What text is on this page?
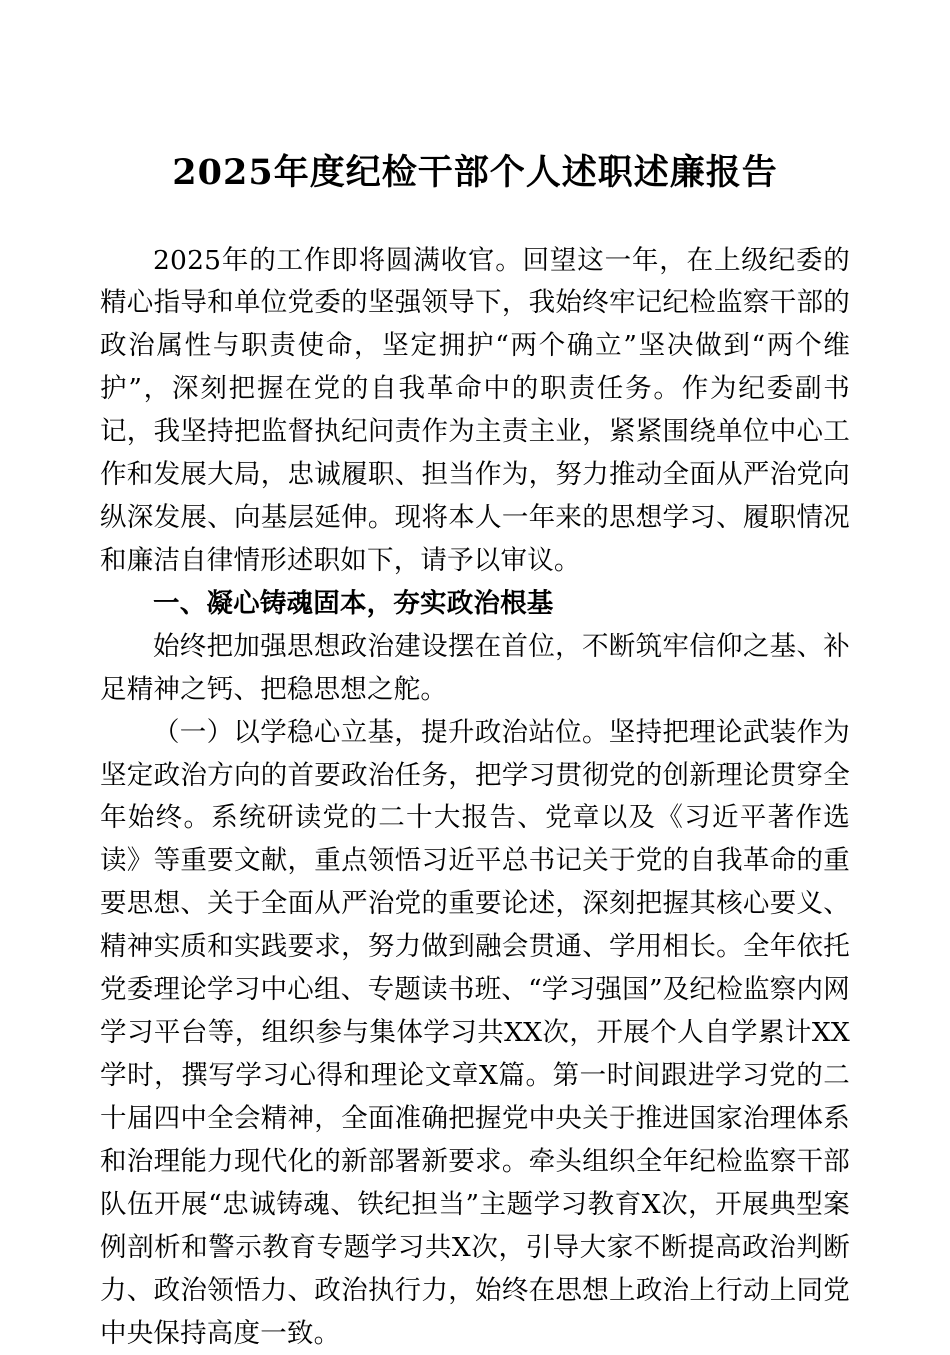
2025年度纪检干部个人述职述廉报告

2025年的工作即将圆满收官。回望这一年，在上级纪委的精心指导和单位党委的坚强领导下，我始终牢记纪检监察干部的政治属性与职责使命，坚定拥护“两个确立”坚决做到“两个维护”，深刻把握在党的自我革命中的职责任务。作为纪委副书记，我坚持把监督执纪问责作为主责主业，紧紧围绕单位中心工作和发展大局，忠诚履职、担当作为，努力推动全面从严治党向纵深发展、向基层延伸。现将本人一年来的思想学习、履职情况和廉洁自律情形述职如下，请予以审议。

一、凝心铸魂固本，夯实政治根基

始终把加强思想政治建设摆在首位，不断筑牢信仰之基、补足精神之钙、把稳思想之舵。

（一）以学稳心立基，提升政治站位。坚持把理论武装作为坚定政治方向的首要政治任务，把学习贯彻党的创新理论贯穿全年始终。系统研读党的二十大报告、党章以及《习近平著作选读》等重要文献，重点领悟习近平总书记关于党的自我革命的重要思想、关于全面从严治党的重要论述，深刻把握其核心要义、精神实质和实践要求，努力做到融会贯通、学用相长。全年依托党委理论学习中心组、专题读书班、“学习强国”及纪检监察内网学习平台等，组织参与集体学习共XX次，开展个人自学累计XX学时，撰写学习心得和理论文章X篇。第一时间跟进学习党的二十届四中全会精神，全面准确把握党中央关于推进国家治理体系和治理能力现代化的新部署新要求。牵头组织全年纪检监察干部队伍开展“忠诚铸魂、铁纪担当”主题学习教育X次，开展典型案例剖析和警示教育专题学习共X次，引导大家不断提高政治判断力、政治领悟力、政治执行力，始终在思想上政治上行动上同党中央保持高度一致。
